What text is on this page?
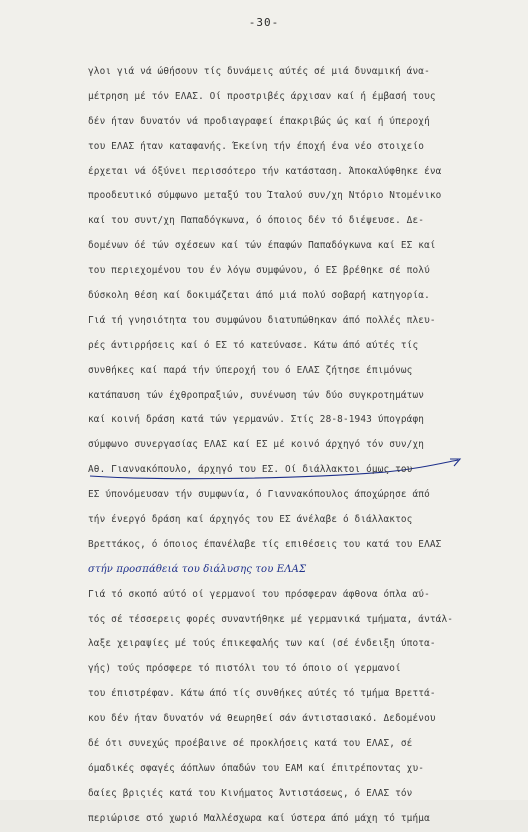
-30-
γλοι γιά νά ώθήσουν τίς δυνάμεις αύτές σέ μιά δυναμική άνα-
μέτρηση μέ τόν ΕΛΑΣ. Οί προστριβές άρχισαν καί ή έμβασή τους
δέν ήταν δυνατόν νά προδιαγραφεί έπακριβώς ώς καί ή ύπεροχή
του ΕΛΑΣ ήταν καταφανής. Έκείνη τήν έποχή ένα νέο στοιχείο
έρχεται νά όξύνει περισσότερο τήν κατάσταση. Άποκαλύφθηκε ένα
προοδευτικό σύμφωνο μεταξύ του Ίταλού συν/χη Ντόριο Ντομένικο
καί του συντ/χη Παπαδόγκωνα, ό όποιος δέν τό διέψευσε. Δε-
δομένων όέ τών σχέσεων καί τών έπαφών Παπαδόγκωνα καί ΕΣ καί
του περιεχομένου του έν λόγω συμφώνου, ό ΕΣ βρέθηκε σέ πολύ
δύσκολη θέση καί δοκιμάζεται άπό μιά πολύ σοβαρή κατηγορία.
Γιά τή γνησιότητα του συμφώνου διατυπώθηκαν άπό πολλές πλευ-
ρές άντιρρήσεις καί ό ΕΣ τό κατεύνασε. Κάτω άπό αύτές τίς
συνθήκες καί παρά τήν ύπεροχή του ό ΕΛΑΣ ζήτησε έπιμόνως
κατάπαυση τών έχθροπραξιών, συνένωση τών δύο συγκροτημάτων
καί κοινή δράση κατά τών γερμανών. Στίς 28-8-1943 ύπογράφη
σύμφωνο συνεργασίας ΕΛΑΣ καί ΕΣ μέ κοινό άρχηγό τόν συν/χη
Αθ. Γιαννακόπουλο, άρχηγό του ΕΣ. Οί διάλλακτοι όμως του
ΕΣ ύπονόμευσαν τήν συμφωνία, ό Γιαννακόπουλος άποχώρησε άπό
τήν ένεργό δράση καί άρχηγός του ΕΣ άνέλαβε ό διάλλακτος
Βρεττάκος, ό όποιος έπανέλαβε τίς επιθέσεις του κατά του ΕΛΑΣ
στήν προσπάθειά του διάλυσης του ΕΛΑΣ
Γιά τό σκοπό αύτό οί γερμανοί του πρόσφεραν άφθονα όπλα αύ-
τός σέ τέσσερεις φορές συναντήθηκε μέ γερμανικά τμήματα, άντάλ-
λαξε χειραψίες μέ τούς έπικεφαλής των καί (σέ ένδειξη ύποτα-
γής) τούς πρόσφερε τό πιστόλι του τό όποιο οί γερμανοί
του έπιστρέφαν. Κάτω άπό τίς συνθήκες αύτές τό τμήμα Βρεττά-
κου δέν ήταν δυνατόν νά θεωρηθεί σάν άντιστασιακό. Δεδομένου
δέ ότι συνεχώς προέβαινε σέ προκλήσεις κατά του ΕΛΑΣ, σέ
όμαδικές σφαγές άόπλων όπαδών του ΕΑΜ καί έπιτρέποντας χυ-
δαίες βριςιές κατά του Κινήματος Άντιστάσεως, ό ΕΛΑΣ τόν
περιώρισε στό χωριό Μαλλέσχωρα καί ύστερα άπό μάχη τό τμήμα
